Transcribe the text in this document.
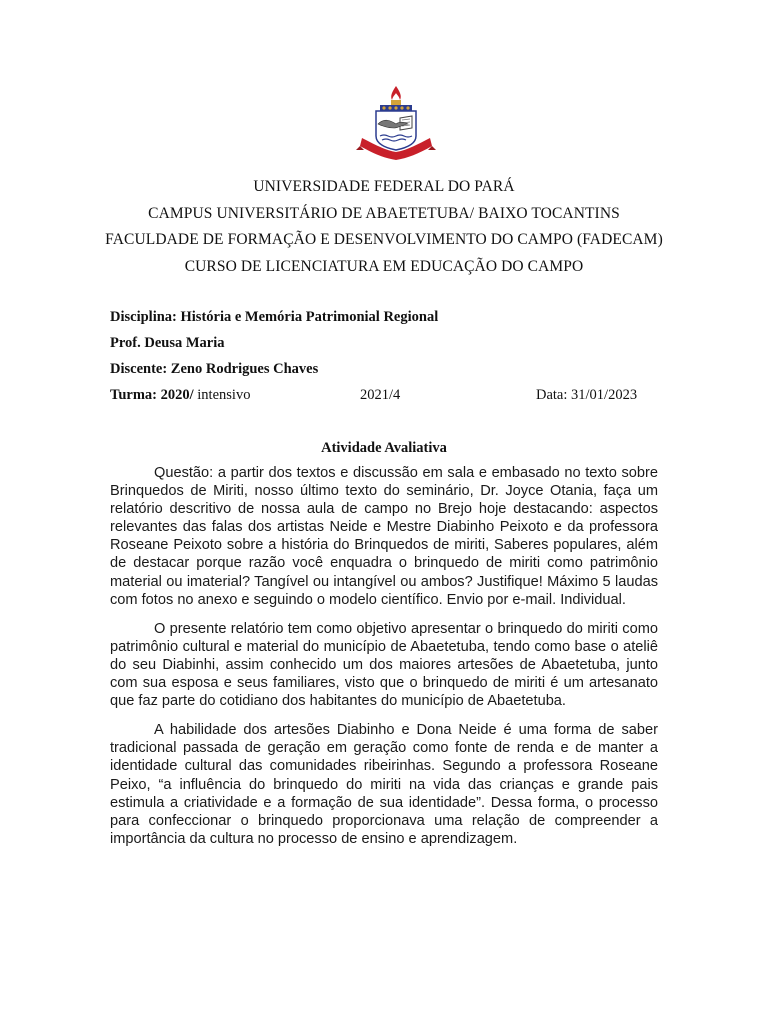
UNIVERSIDADE FEDERAL DO PARÁ
CAMPUS UNIVERSITÁRIO DE ABAETETUBA/ BAIXO TOCANTINS
FACULDADE DE FORMAÇÃO E DESENVOLVIMENTO DO CAMPO (FADECAM)
CURSO DE LICENCIATURA EM EDUCAÇÃO DO CAMPO
Disciplina: História e Memória Patrimonial Regional
Prof. Deusa Maria
Discente: Zeno Rodrigues Chaves
Turma: 2020/ intensivo	2021/4	Data: 31/01/2023
Atividade Avaliativa

Questão: a partir dos textos e discussão em sala e embasado no texto sobre Brinquedos de Miriti, nosso último texto do seminário, Dr. Joyce Otania, faça um relatório descritivo de nossa aula de campo no Brejo hoje destacando: aspectos relevantes das falas dos artistas Neide e Mestre Diabinho Peixoto e da professora Roseane Peixoto sobre a história do Brinquedos de miriti, Saberes populares, além de destacar porque razão você enquadra o brinquedo de miriti como patrimônio material ou imaterial? Tangível ou intangível ou ambos? Justifique! Máximo 5 laudas com fotos no anexo e seguindo o modelo científico. Envio por e-mail. Individual.

O presente relatório tem como objetivo apresentar o brinquedo do miriti como patrimônio cultural e material do município de Abaetetuba, tendo como base o ateliê do seu Diabinhi, assim conhecido um dos maiores artesões de Abaetetuba, junto com sua esposa e seus familiares, visto que o brinquedo de miriti é um artesanato que faz parte do cotidiano dos habitantes do município de Abaetetuba.

A habilidade dos artesões Diabinho e Dona Neide é uma forma de saber tradicional passada de geração em geração como fonte de renda e de manter a identidade cultural das comunidades ribeirinhas. Segundo a professora Roseane Peixo, “a influência do brinquedo do miriti na vida das crianças e grande pais estimula a criatividade e a formação de sua identidade”. Dessa forma, o processo para confeccionar o brinquedo proporcionava uma relação de compreender a importância da cultura no processo de ensino e aprendizagem.
